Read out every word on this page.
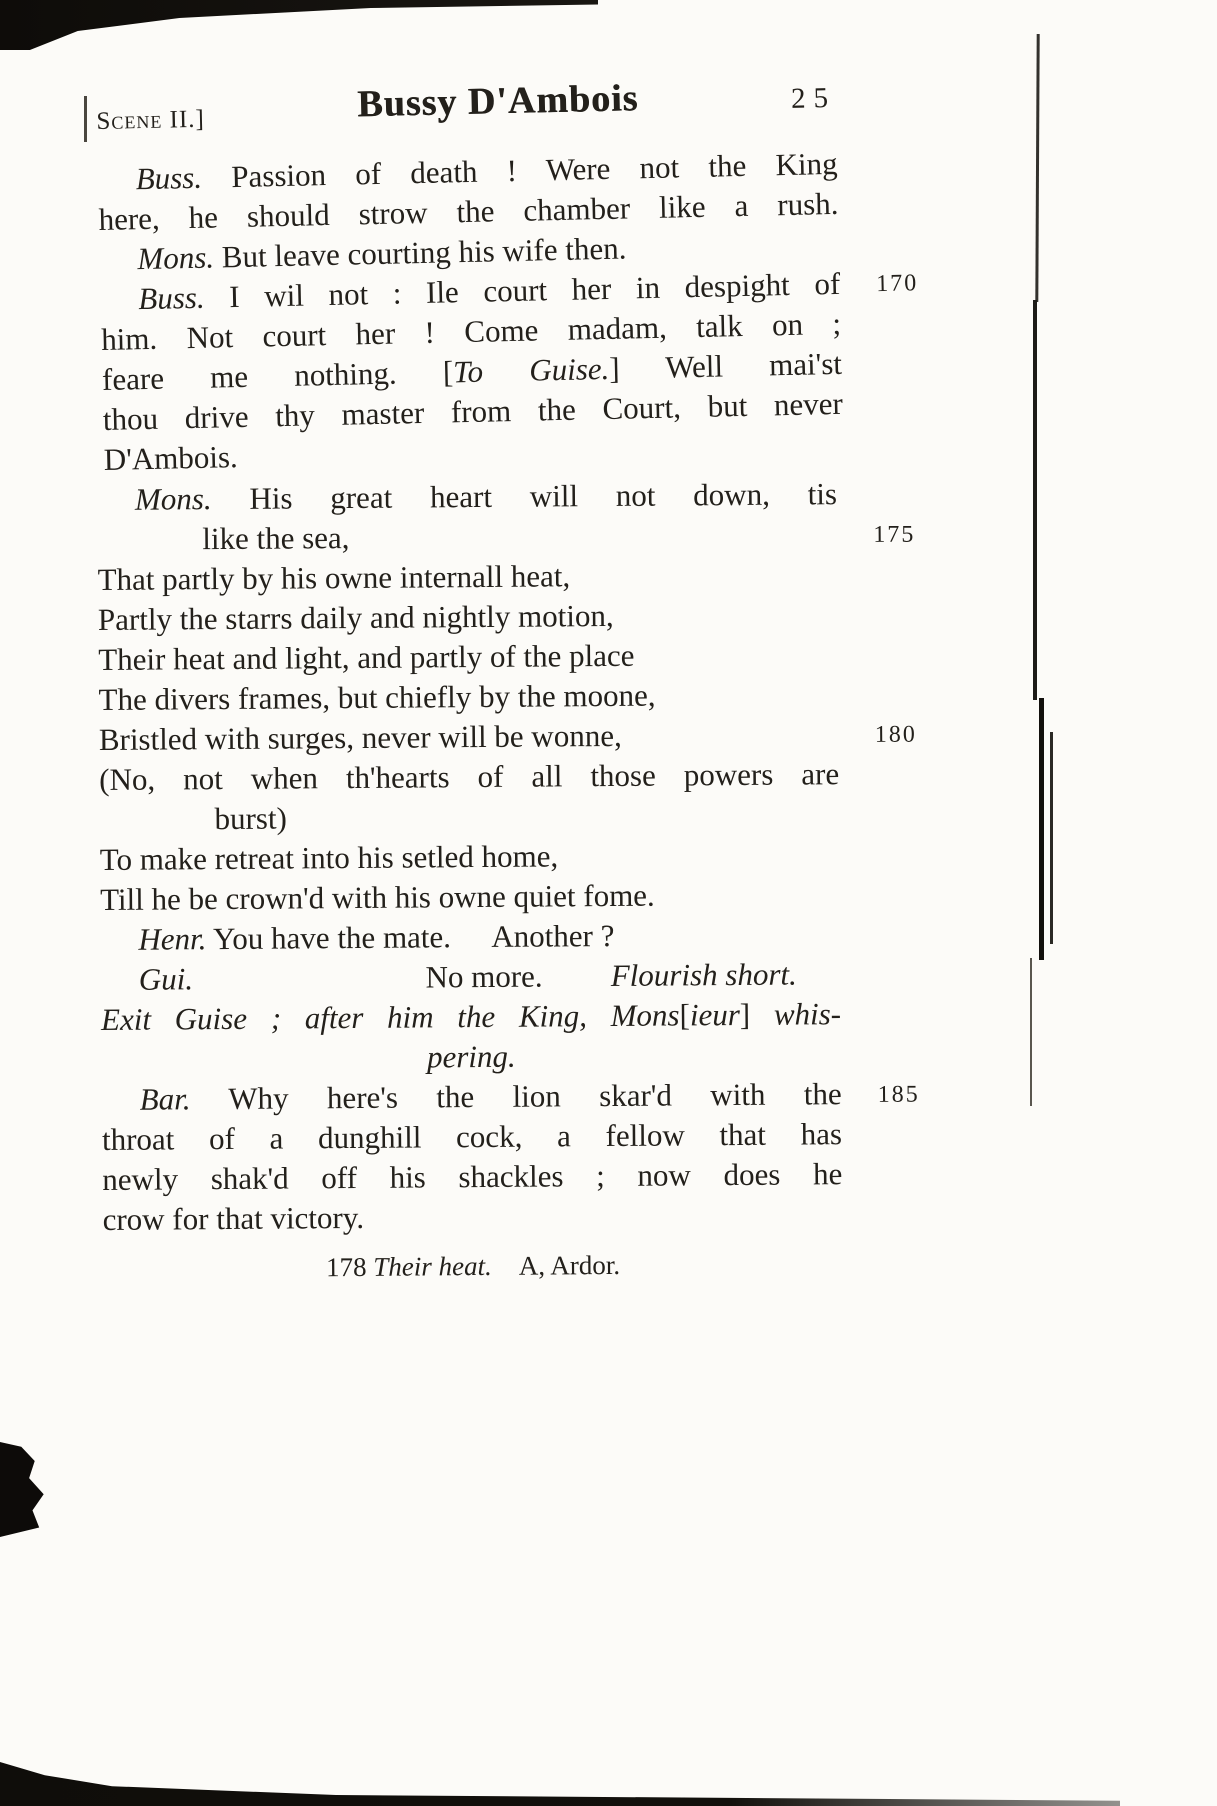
Scene II.]	Bussy D'Ambois	25
Buss. Passion of death ! Were not the King
here, he should strow the chamber like a rush.
Mons. But leave courting his wife then.
Buss. I wil not : Ile court her in despight of 170
him. Not court her ! Come madam, talk on ;
feare me nothing. [To Guise.] Well mai'st
thou drive thy master from the Court, but never
D'Ambois.
Mons. His great heart will not down, tis
like the sea,	175
That partly by his owne internall heat,
Partly the starrs daily and nightly motion,
Their heat and light, and partly of the place
The divers frames, but chiefly by the moone,
Bristled with surges, never will be wonne,	180
(No, not when th'hearts of all those powers are
burst)
To make retreat into his setled home,
Till he be crown'd with his owne quiet fome.
Henr. You have the mate. Another ?
Gui.	No more. Flourish short.
Exit Guise ; after him the King, Mons[ieur] whis-
pering.
Bar. Why here's the lion skar'd with the 185
throat of a dunghill cock, a fellow that has
newly shak'd off his shackles ; now does he
crow for that victory.
178 Their heat. A, Ardor.
